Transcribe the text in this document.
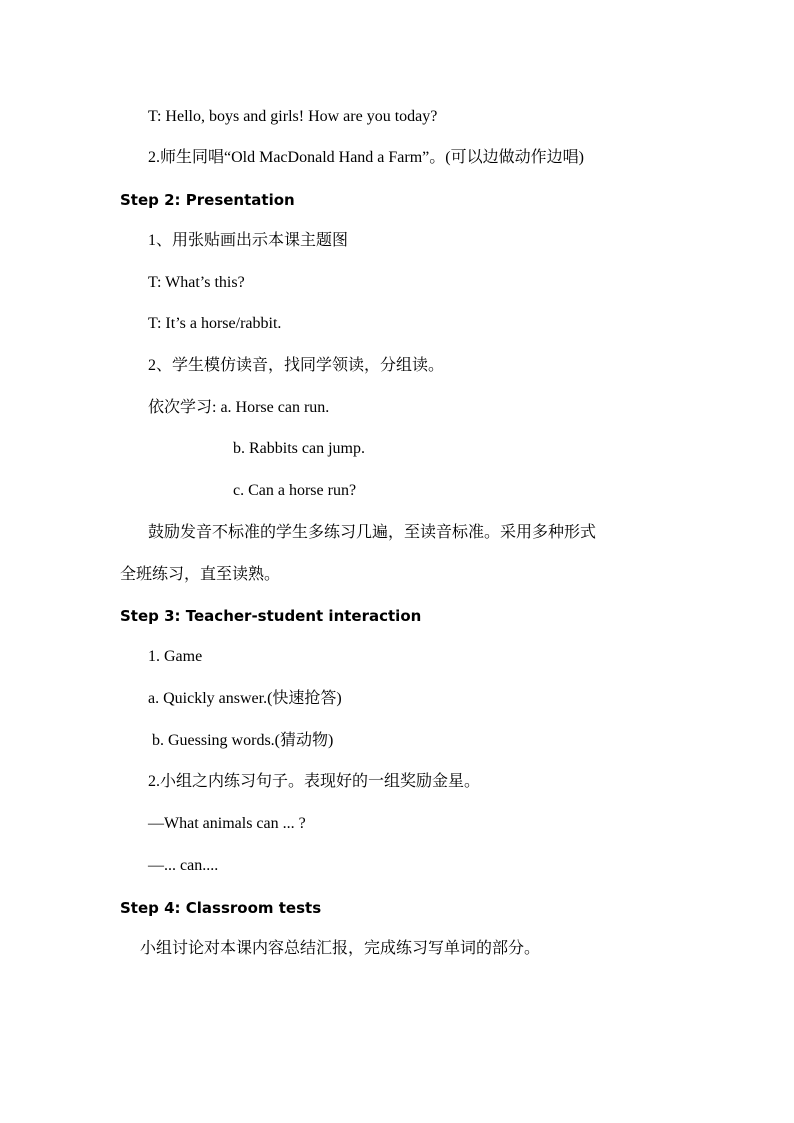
T: Hello, boys and girls! How are you today?
2.师生同唱“Old MacDonald Hand a Farm”。(可以边做动作边唱)
Step 2: Presentation
1、用张贴画出示本课主题图
T: What’s this?
T: It’s a horse/rabbit.
2、学生模仿读音，找同学领读，分组读。
依次学习: a. Horse can run.
b. Rabbits can jump.
c. Can a horse run?
鼓励发音不标准的学生多练习几遍，至读音标准。采用多种形式
全班练习，直至读熟。
Step 3: Teacher-student interaction
1. Game
a. Quickly answer.(快速抢答)
b. Guessing words.(猜动物)
2.小组之内练习句子。表现好的一组奖励金星。
—What animals can ... ?
—... can....
Step 4: Classroom tests
小组讨论对本课内容总结汇报，完成练习写单词的部分。
